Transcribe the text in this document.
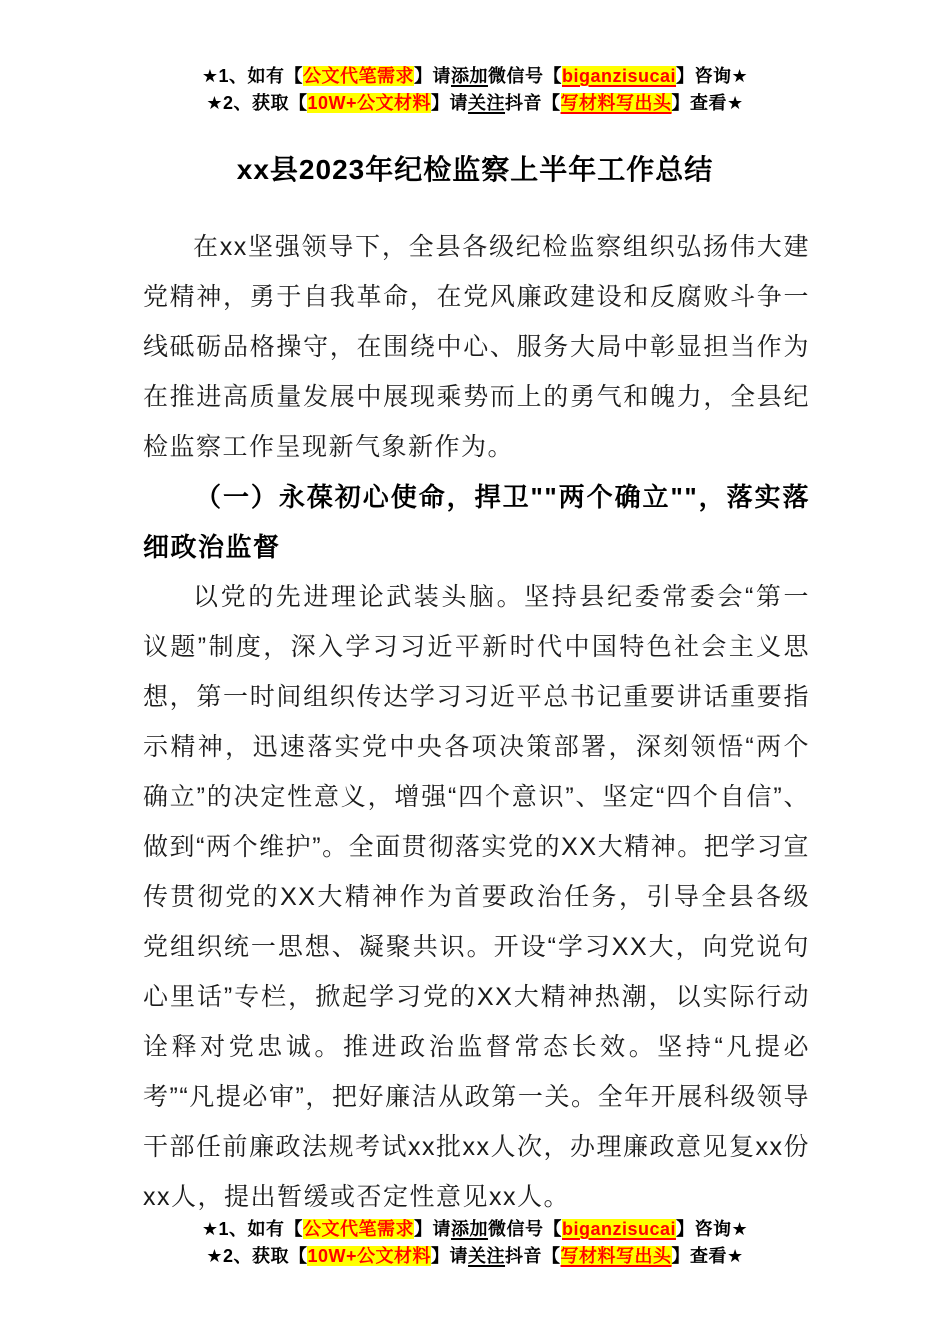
★1、如有【公文代笔需求】请添加微信号【biganzisucai】咨询★
★2、获取【10W+公文材料】请关注抖音【写材料写出头】查看★
xx县2023年纪检监察上半年工作总结

在xx坚强领导下，全县各级纪检监察组织弘扬伟大建党精神，勇于自我革命，在党风廉政建设和反腐败斗争一线砥砺品格操守，在围绕中心、服务大局中彰显担当作为在推进高质量发展中展现乘势而上的勇气和魄力，全县纪检监察工作呈现新气象新作为。

（一）永葆初心使命，捍卫""两个确立""，落实落细政治监督

以党的先进理论武装头脑。坚持县纪委常委会“第一议题”制度，深入学习习近平新时代中国特色社会主义思想，第一时间组织传达学习习近平总书记重要讲话重要指示精神，迅速落实党中央各项决策部署，深刻领悟“两个确立”的决定性意义，增强“四个意识”、坚定“四个自信”、做到“两个维护”。全面贯彻落实党的XX大精神。把学习宣传贯彻党的XX大精神作为首要政治任务，引导全县各级党组织统一思想、凝聚共识。开设“学习XX大，向党说句心里话”专栏，掀起学习党的XX大精神热潮，以实际行动诠释对党忠诚。推进政治监督常态长效。坚持“凡提必考”“凡提必审”，把好廉洁从政第一关。全年开展科级领导干部任前廉政法规考试xx批xx人次，办理廉政意见复xx份xx人，提出暂缓或否定性意见xx人。

★1、如有【公文代笔需求】请添加微信号【biganzisucai】咨询★
★2、获取【10W+公文材料】请关注抖音【写材料写出头】查看★
